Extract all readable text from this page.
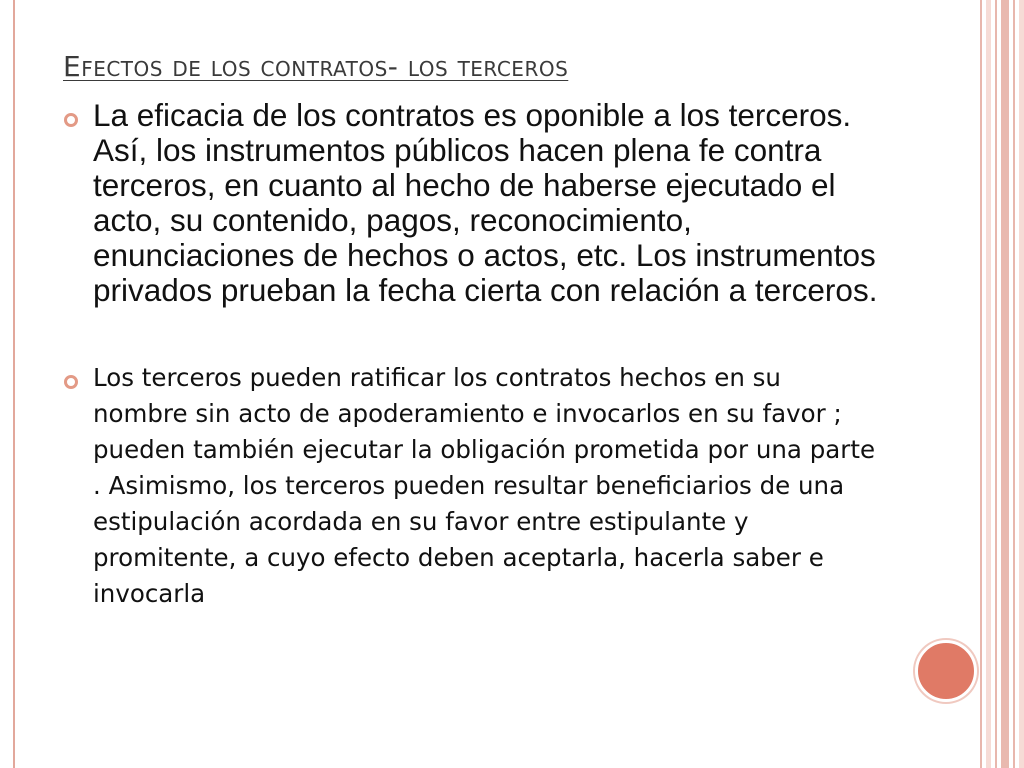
Efectos de los contratos- los terceros
La eficacia de los contratos es oponible a los terceros. Así, los instrumentos públicos hacen plena fe contra terceros, en cuanto al hecho de haberse ejecutado el acto, su contenido, pagos, reconocimiento, enunciaciones de hechos o actos, etc. Los instrumentos privados prueban la fecha cierta con relación a terceros.
Los terceros pueden ratificar los contratos hechos en su nombre sin acto de apoderamiento e invocarlos en su favor ; pueden también ejecutar la obligación prometida por una parte . Asimismo, los terceros pueden resultar beneficiarios de una estipulación acordada en su favor entre estipulante y promitente, a cuyo efecto deben aceptarla, hacerla saber e invocarla
